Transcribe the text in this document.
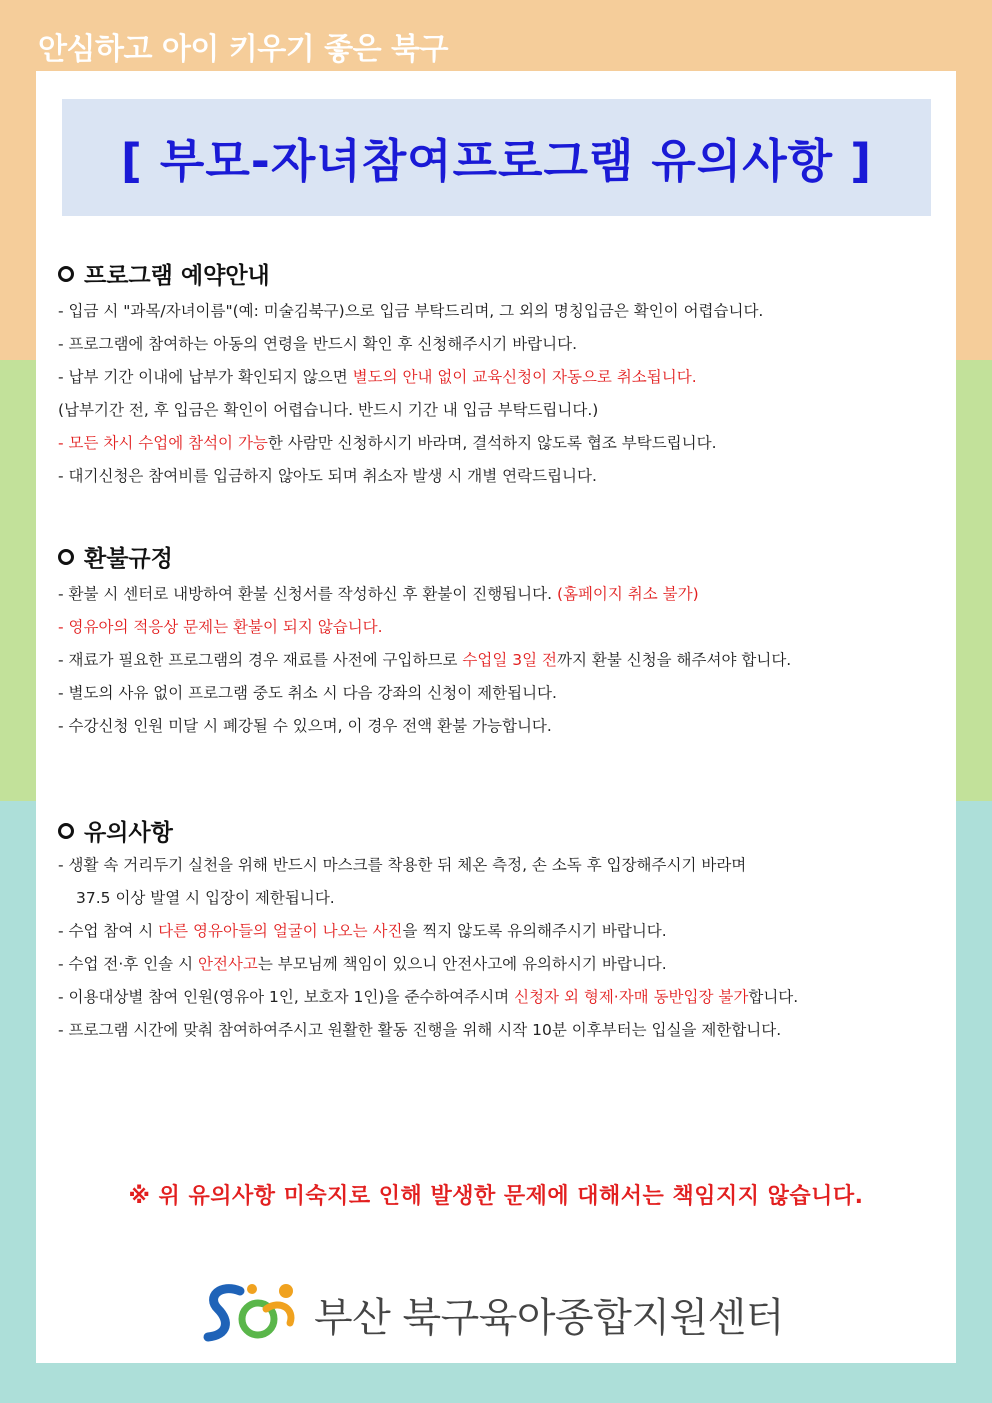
안심하고 아이 키우기 좋은 북구
[ 부모-자녀참여프로그램 유의사항 ]
프로그램 예약안내

- 입금 시 "과목/자녀이름"(예: 미술김북구)으로 입금 부탁드리며, 그 외의 명칭입금은 확인이 어렵습니다.

- 프로그램에 참여하는 아동의 연령을 반드시 확인 후 신청해주시기 바랍니다.

- 납부 기간 이내에 납부가 확인되지 않으면 별도의 안내 없이 교육신청이 자동으로 취소됩니다.

(납부기간 전, 후 입금은 확인이 어렵습니다. 반드시 기간 내 입금 부탁드립니다.)

- 모든 차시 수업에 참석이 가능한 사람만 신청하시기 바라며, 결석하지 않도록 협조 부탁드립니다.

- 대기신청은 참여비를 입금하지 않아도 되며 취소자 발생 시 개별 연락드립니다.

환불규정

- 환불 시 센터로 내방하여 환불 신청서를 작성하신 후 환불이 진행됩니다. (홈페이지 취소 불가)

- 영유아의 적응상 문제는 환불이 되지 않습니다.

- 재료가 필요한 프로그램의 경우 재료를 사전에 구입하므로 수업일 3일 전까지 환불 신청을 해주셔야 합니다.

- 별도의 사유 없이 프로그램 중도 취소 시 다음 강좌의 신청이 제한됩니다.

- 수강신청 인원 미달 시 폐강될 수 있으며, 이 경우 전액 환불 가능합니다.

유의사항

- 생활 속 거리두기 실천을 위해 반드시 마스크를 착용한 뒤 체온 측정, 손 소독 후 입장해주시기 바라며

37.5 이상 발열 시 입장이 제한됩니다.

- 수업 참여 시 다른 영유아들의 얼굴이 나오는 사진을 찍지 않도록 유의해주시기 바랍니다.

- 수업 전·후 인솔 시 안전사고는 부모님께 책임이 있으니 안전사고에 유의하시기 바랍니다.

- 이용대상별 참여 인원(영유아 1인, 보호자 1인)을 준수하여주시며 신청자 외 형제·자매 동반입장 불가합니다.

- 프로그램 시간에 맞춰 참여하여주시고 원활한 활동 진행을 위해 시작 10분 이후부터는 입실을 제한합니다.

※ 위 유의사항 미숙지로 인해 발생한 문제에 대해서는 책임지지 않습니다.
부산 북구육아종합지원센터
